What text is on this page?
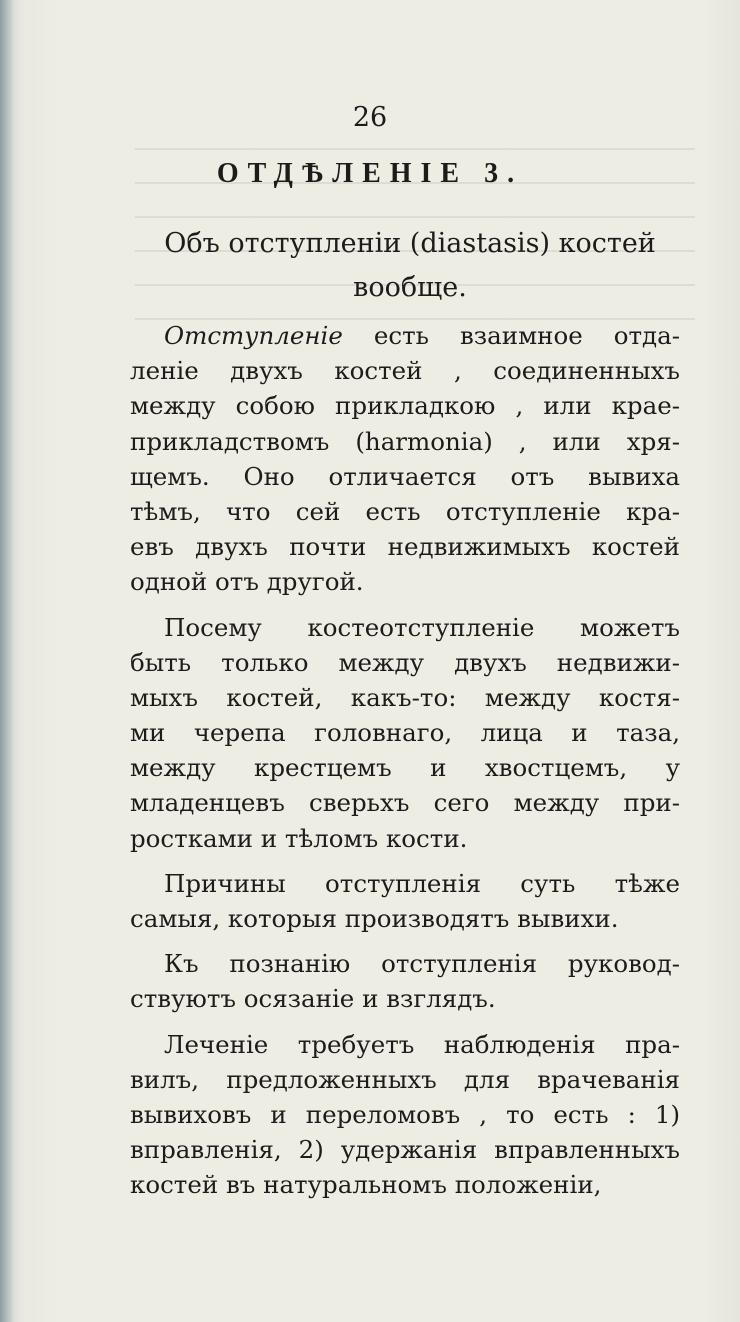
26
ОТДѢЛЕНІЕ 3.
Объ отступленіи (diastasis) костей
вообще.
Отступленіе есть взаимное отда-
леніе двухъ костей , соединенныхъ
между собою прикладкою , или крае-
прикладствомъ (harmonia) , или хря-
щемъ. Оно отличается отъ вывиха
тѣмъ, что сей есть отступленіе кра-
евъ двухъ почти недвижимыхъ костей
одной отъ другой.
Посему костеотступленіе можетъ
быть только между двухъ недвижи-
мыхъ костей, какъ-то: между костя-
ми черепа головнаго, лица и таза,
между крестцемъ и хвостцемъ, у
младенцевъ сверьхъ сего между при-
ростками и тѣломъ кости.
Причины отступленія суть тѣже
самыя, которыя производятъ вывихи.
Къ познанію отступленія руковод-
ствуютъ осязаніе и взглядъ.
Леченіе требуетъ наблюденія пра-
вилъ, предложенныхъ для врачеванія
вывиховъ и переломовъ , то есть : 1)
вправленія, 2) удержанія вправленныхъ
костей въ натуральномъ положеніи,
